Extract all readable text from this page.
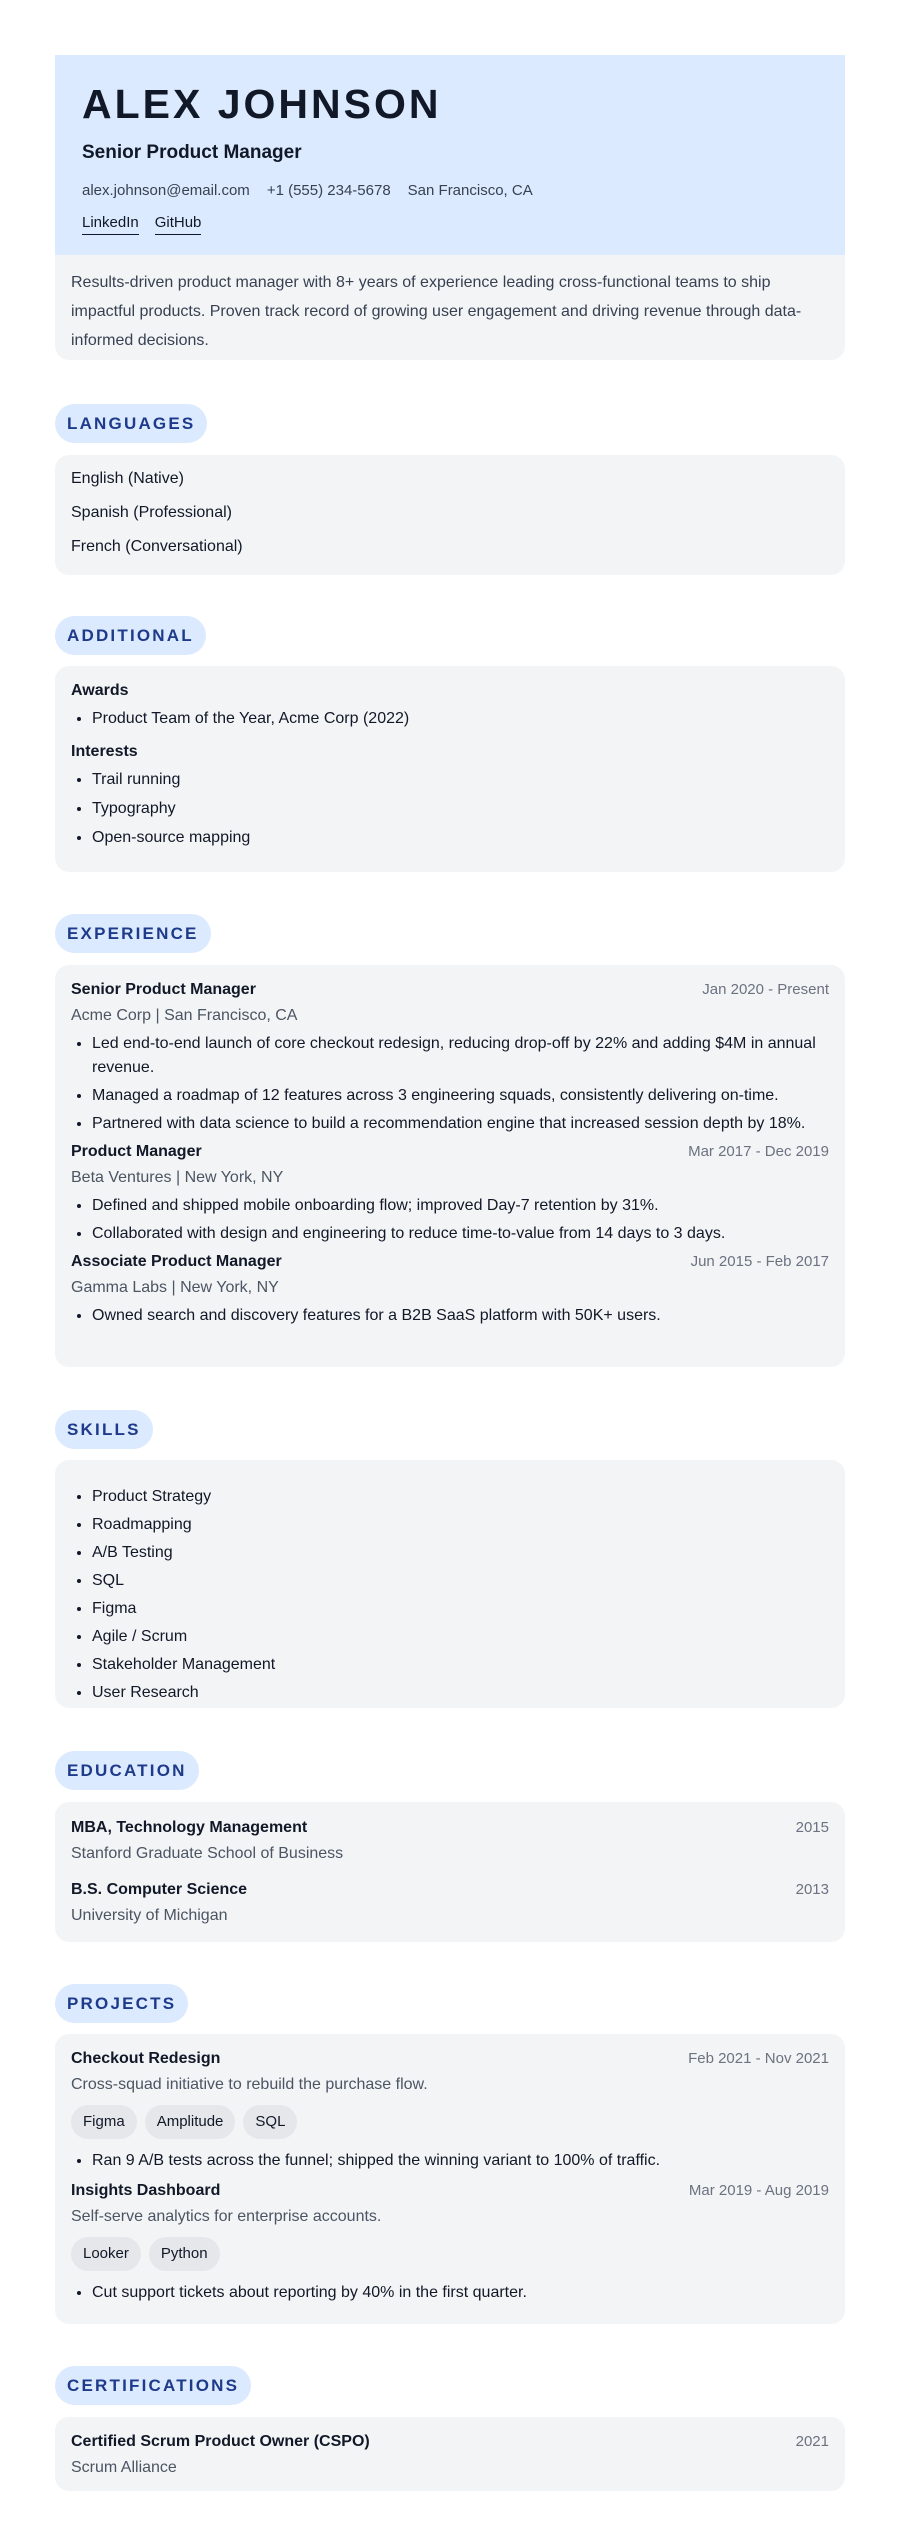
ALEX JOHNSON
Senior Product Manager
alex.johnson@email.com +1 (555) 234-5678 San Francisco, CA
LinkedIn GitHub
Results-driven product manager with 8+ years of experience leading cross-functional teams to ship impactful products. Proven track record of growing user engagement and driving revenue through data-informed decisions.
LANGUAGES
English (Native)
Spanish (Professional)
French (Conversational)
ADDITIONAL
Awards
• Product Team of the Year, Acme Corp (2022)
Interests
• Trail running
• Typography
• Open-source mapping
EXPERIENCE
Senior Product Manager	Jan 2020 - Present
Acme Corp | San Francisco, CA
• Led end-to-end launch of core checkout redesign, reducing drop-off by 22% and adding $4M in annual revenue.
• Managed a roadmap of 12 features across 3 engineering squads, consistently delivering on-time.
• Partnered with data science to build a recommendation engine that increased session depth by 18%.
Product Manager	Mar 2017 - Dec 2019
Beta Ventures | New York, NY
• Defined and shipped mobile onboarding flow; improved Day-7 retention by 31%.
• Collaborated with design and engineering to reduce time-to-value from 14 days to 3 days.
Associate Product Manager	Jun 2015 - Feb 2017
Gamma Labs | New York, NY
• Owned search and discovery features for a B2B SaaS platform with 50K+ users.
SKILLS
• Product Strategy
• Roadmapping
• A/B Testing
• SQL
• Figma
• Agile / Scrum
• Stakeholder Management
• User Research
EDUCATION
MBA, Technology Management	2015
Stanford Graduate School of Business
B.S. Computer Science	2013
University of Michigan
PROJECTS
Checkout Redesign	Feb 2021 - Nov 2021
Cross-squad initiative to rebuild the purchase flow.
Figma	Amplitude	SQL
• Ran 9 A/B tests across the funnel; shipped the winning variant to 100% of traffic.
Insights Dashboard	Mar 2019 - Aug 2019
Self-serve analytics for enterprise accounts.
Looker	Python
• Cut support tickets about reporting by 40% in the first quarter.
CERTIFICATIONS
Certified Scrum Product Owner (CSPO)	2021
Scrum Alliance
